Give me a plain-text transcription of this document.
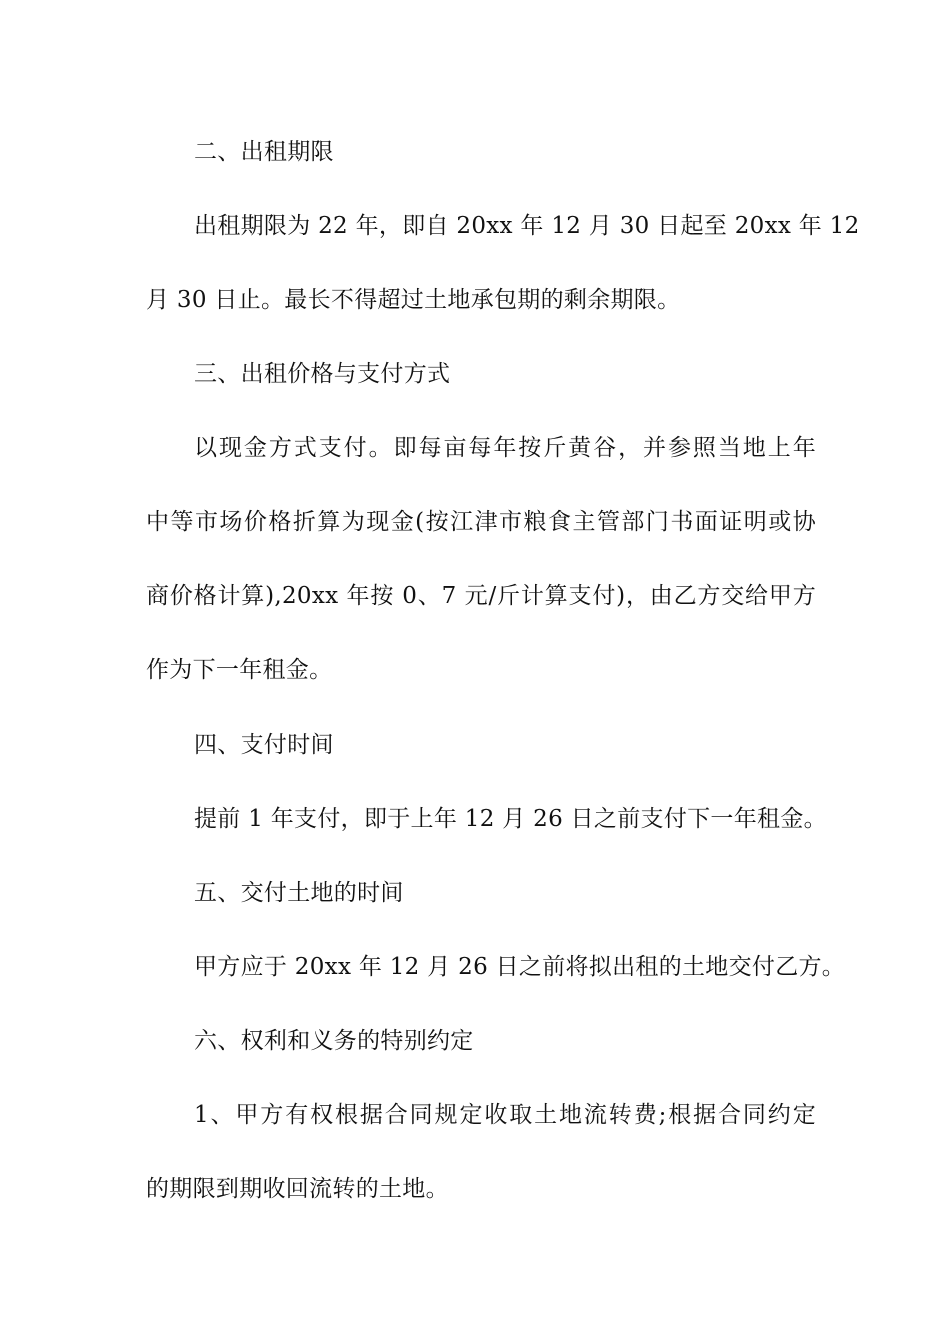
二、出租期限
出租期限为 22 年，即自 20xx 年 12 月 30 日起至 20xx 年 12
月 30 日止。最长不得超过土地承包期的剩余期限。
三、出租价格与支付方式
以现金方式支付。即每亩每年按斤黄谷，并参照当地上年
中等市场价格折算为现金(按江津市粮食主管部门书面证明或协
商价格计算),20xx 年按 0、7 元/斤计算支付)，由乙方交给甲方
作为下一年租金。
四、支付时间
提前 1 年支付，即于上年 12 月 26 日之前支付下一年租金。
五、交付土地的时间
甲方应于 20xx 年 12 月 26 日之前将拟出租的土地交付乙方。
六、权利和义务的特别约定
1、甲方有权根据合同规定收取土地流转费;根据合同约定
的期限到期收回流转的土地。
